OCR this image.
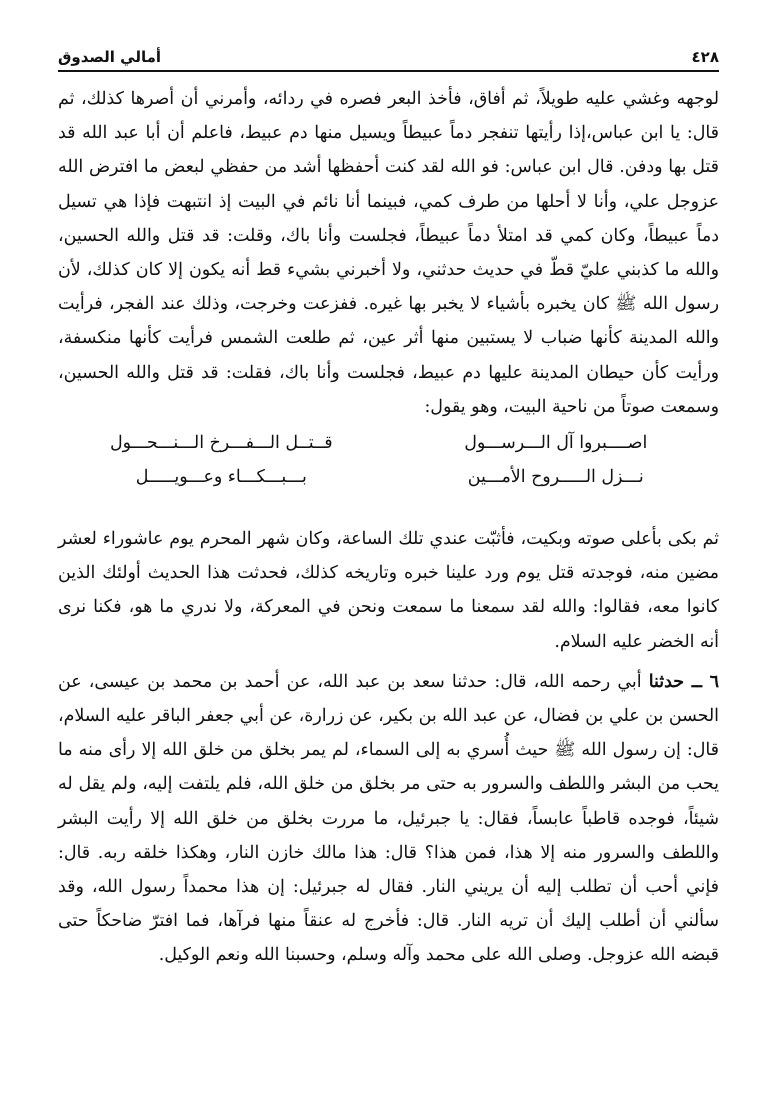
٤٢٨
أمالي الصدوق

لوجهه وغشي عليه طويلاً، ثم أفاق، فأخذ البعر فصره في ردائه، وأمرني أن أصرها كذلك، ثم قال: يا ابن عباس،إذا رأيتها تنفجر دماً عبيطاً ويسيل منها دم عبيط، فاعلم أن أبا عبد الله قد قتل بها ودفن. قال ابن عباس: فو الله لقد كنت أحفظها أشد من حفظي لبعض ما افترض الله عزوجل علي، وأنا لا أحلها من طرف كمي، فبينما أنا نائم في البيت إذ انتبهت فإذا هي تسيل دماً عبيطاً، وكان كمي قد امتلأ دماً عبيطاً، فجلست وأنا باك، وقلت: قد قتل والله الحسين، والله ما كذبني عليّ قطّ في حديث حدثني، ولا أخبرني بشيء قط أنه يكون إلا كان كذلك، لأن رسول الله ﷺ كان يخبره بأشياء لا يخبر بها غيره. ففزعت وخرجت، وذلك عند الفجر، فرأيت والله المدينة كأنها ضباب لا يستبين منها أثر عين، ثم طلعت الشمس فرأيت كأنها منكسفة، ورأيت كأن حيطان المدينة عليها دم عبيط، فجلست وأنا باك، فقلت: قد قتل والله الحسين، وسمعت صوتاً من ناحية البيت، وهو يقول:

اصــــبروا آل الـــرســـول
قــتــل الـــفـــرخ الـــنـــحـــول
نـــزل الـــــروح الأمـــين
بـــبـــكـــاء وعـــويـــــل

ثم بكى بأعلى صوته وبكيت، فأثبّت عندي تلك الساعة، وكان شهر المحرم يوم عاشوراء لعشر مضين منه، فوجدته قتل يوم ورد علينا خبره وتاريخه كذلك، فحدثت هذا الحديث أولئك الذين كانوا معه، فقالوا: والله لقد سمعنا ما سمعت ونحن في المعركة، ولا ندري ما هو، فكنا نرى أنه الخضر عليه السلام.

٦ ــ حدثنا أبي رحمه الله، قال: حدثنا سعد بن عبد الله، عن أحمد بن محمد بن عيسى، عن الحسن بن علي بن فضال، عن عبد الله بن بكير، عن زرارة، عن أبي جعفر الباقر عليه السلام، قال: إن رسول الله ﷺ حيث أُسري به إلى السماء، لم يمر بخلق من خلق الله إلا رأى منه ما يحب من البشر واللطف والسرور به حتى مر بخلق من خلق الله، فلم يلتفت إليه، ولم يقل له شيئاً، فوجده قاطباً عابساً، فقال: يا جبرئيل، ما مررت بخلق من خلق الله إلا رأيت البشر واللطف والسرور منه إلا هذا، فمن هذا؟ قال: هذا مالك خازن النار، وهكذا خلقه ربه. قال: فإني أحب أن تطلب إليه أن يريني النار. فقال له جبرئيل: إن هذا محمداً رسول الله، وقد سألني أن أطلب إليك أن تريه النار. قال: فأخرج له عنقاً منها فرآها، فما افترّ ضاحكاً حتى قبضه الله عزوجل. وصلى الله على محمد وآله وسلم، وحسبنا الله ونعم الوكيل.
